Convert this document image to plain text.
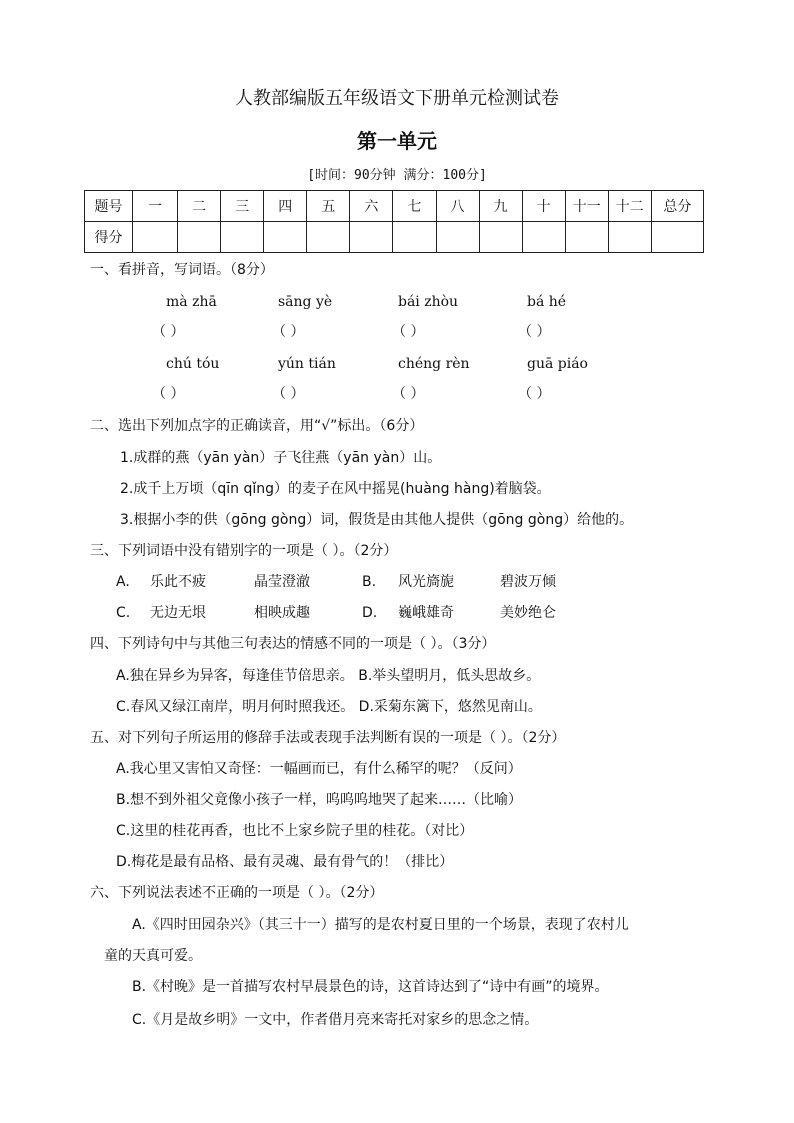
人教部编版五年级语文下册单元检测试卷
第一单元
[时间：90分钟 满分：100分]
题号	一	二	三	四	五	六	七	八	九	十	十一	十二	总分
得分													
一、看拼音，写词语。（8分）
mà zhā	sāng yè	bái zhòu	bá hé
（ ）	（ ）	（ ）	（ ）
chú tóu	yún tián	chéng rèn	guā piáo
（ ）	（ ）	（ ）	（ ）
二、选出下列加点字的正确读音，用“√”标出。（6分）
1.成群的燕（yān yàn）子飞往燕（yān yàn）山。
2.成千上万顷（qīn qǐng）的麦子在风中摇晃(huàng hàng)着脑袋。
3.根据小李的供（gōng gòng）词，假货是由其他人提供（gōng gòng）给他的。
三、下列词语中没有错别字的一项是（ ）。（2分）
A. 乐此不疲	晶莹澄澈	B. 风光旖旎	碧波万倾
C. 无边无垠	相映成趣	D. 巍峨雄奇	美妙绝仑
四、下列诗句中与其他三句表达的情感不同的一项是（ ）。（3分）
A.独在异乡为异客，每逢佳节倍思亲。 B.举头望明月，低头思故乡。
C.春风又绿江南岸，明月何时照我还。 D.采菊东篱下，悠然见南山。
五、对下列句子所运用的修辞手法或表现手法判断有误的一项是（ ）。（2分）
A.我心里又害怕又奇怪：一幅画而已，有什么稀罕的呢？（反问）
B.想不到外祖父竟像小孩子一样，呜呜呜地哭了起来……（比喻）
C.这里的桂花再香，也比不上家乡院子里的桂花。（对比）
D.梅花是最有品格、最有灵魂、最有骨气的！（排比）
六、下列说法表述不正确的一项是（ ）。（2分）
A.《四时田园杂兴》（其三十一）描写的是农村夏日里的一个场景，表现了农村儿
童的天真可爱。
B.《村晚》是一首描写农村早晨景色的诗，这首诗达到了“诗中有画”的境界。
C.《月是故乡明》一文中，作者借月亮来寄托对家乡的思念之情。
